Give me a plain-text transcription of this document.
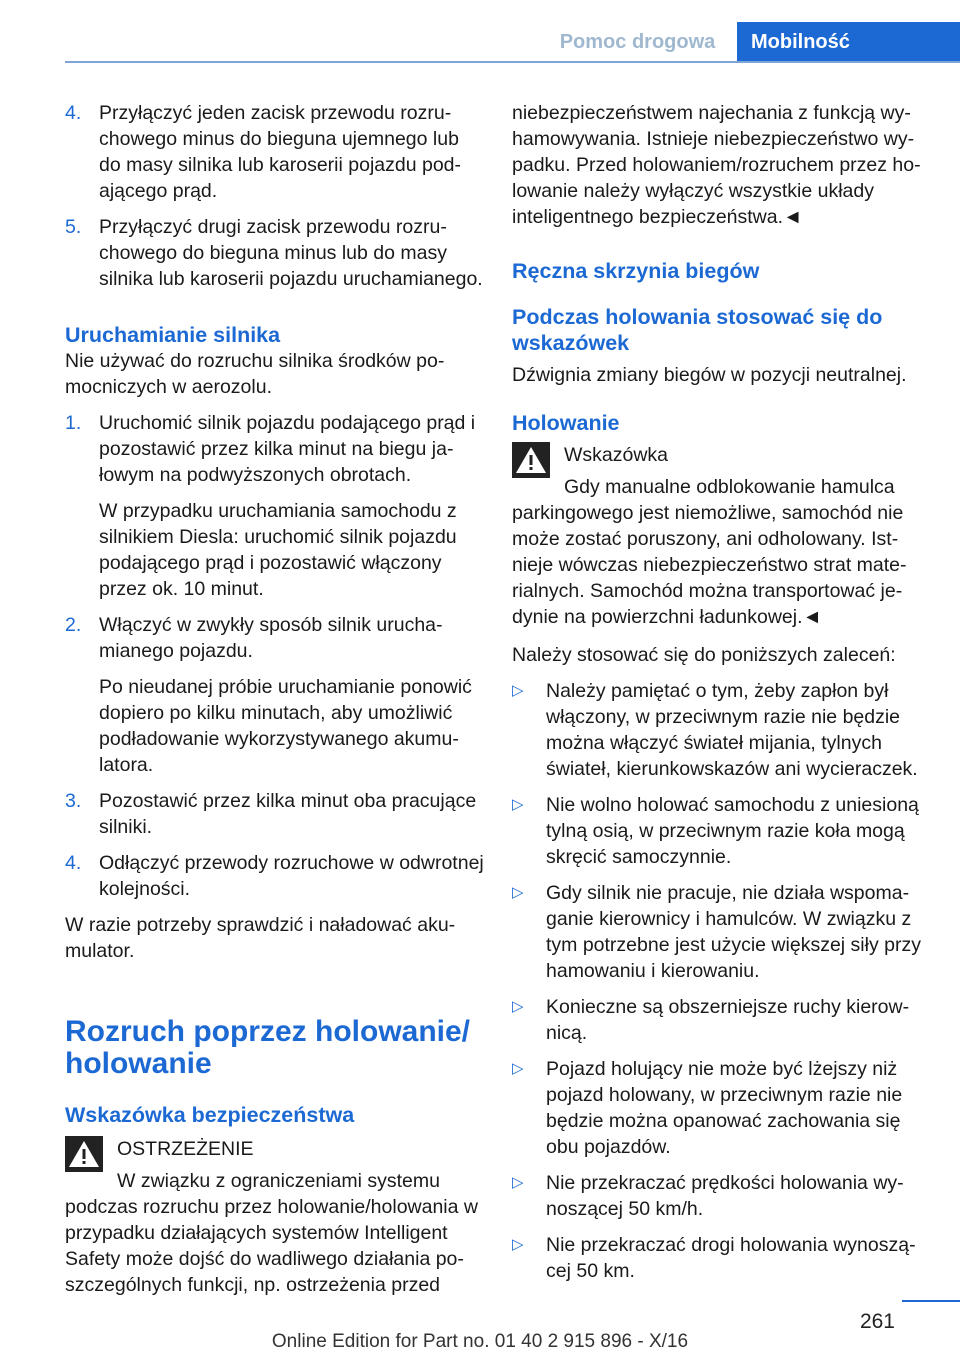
Pomoc drogowa	Mobilność
4. Przyłączyć jeden zacisk przewodu rozruchowego minus do bieguna ujemnego lub do masy silnika lub karoserii pojazdu podającego prąd.

5. Przyłączyć drugi zacisk przewodu rozruchowego do bieguna minus lub do masy silnika lub karoserii pojazdu uruchamianego.

Uruchamianie silnika

Nie używać do rozruchu silnika środków pomocniczych w aerozolu.

1. Uruchomić silnik pojazdu podającego prąd i pozostawić przez kilka minut na biegu jałowym na podwyższonych obrotach.

W przypadku uruchamiania samochodu z silnikiem Diesla: uruchomić silnik pojazdu podającego prąd i pozostawić włączony przez ok. 10 minut.

2. Włączyć w zwykły sposób silnik uruchamianego pojazdu.

Po nieudanej próbie uruchamianie ponowić dopiero po kilku minutach, aby umożliwić podładowanie wykorzystywanego akumulatora.

3. Pozostawić przez kilka minut oba pracujące silniki.

4. Odłączyć przewody rozruchowe w odwrotnej kolejności.

W razie potrzeby sprawdzić i naładować akumulator.

Rozruch poprzez holowanie/ holowanie
Wskazówka bezpieczeństwa
OSTRZEŻENIE
W związku z ograniczeniami systemu podczas rozruchu przez holowanie/holowania w przypadku działających systemów Intelligent Safety może dojść do wadliwego działania poszczególnych funkcji, np. ostrzeżenia przed

niebezpieczeństwem najechania z funkcją wyhamowywania. Istnieje niebezpieczeństwo wypadku. Przed holowaniem/rozruchem przez holowanie należy wyłączyć wszystkie układy inteligentnego bezpieczeństwa.◄

Ręczna skrzynia biegów
Podczas holowania stosować się do wskazówek

Dźwignia zmiany biegów w pozycji neutralnej.

Holowanie
Wskazówka
Gdy manualne odblokowanie hamulca parkingowego jest niemożliwe, samochód nie może zostać poruszony, ani odholowany. Istnieje wówczas niebezpieczeństwo strat materialnych. Samochód można transportować jedynie na powierzchni ładunkowej.◄

Należy stosować się do poniższych zaleceń:

▷ Należy pamiętać o tym, żeby zapłon był włączony, w przeciwnym razie nie będzie można włączyć świateł mijania, tylnych świateł, kierunkowskazów ani wycieraczek.
▷ Nie wolno holować samochodu z uniesioną tylną osią, w przeciwnym razie koła mogą skręcić samoczynnie.
▷ Gdy silnik nie pracuje, nie działa wspomaganie kierownicy i hamulców. W związku z tym potrzebne jest użycie większej siły przy hamowaniu i kierowaniu.
▷ Konieczne są obszerniejsze ruchy kierownicą.
▷ Pojazd holujący nie może być lżejszy niż pojazd holowany, w przeciwnym razie nie będzie można opanować zachowania się obu pojazdów.
▷ Nie przekraczać prędkości holowania wynoszącej 50 km/h.
▷ Nie przekraczać drogi holowania wynoszącej 50 km.
261
Online Edition for Part no. 01 40 2 915 896 - X/16
